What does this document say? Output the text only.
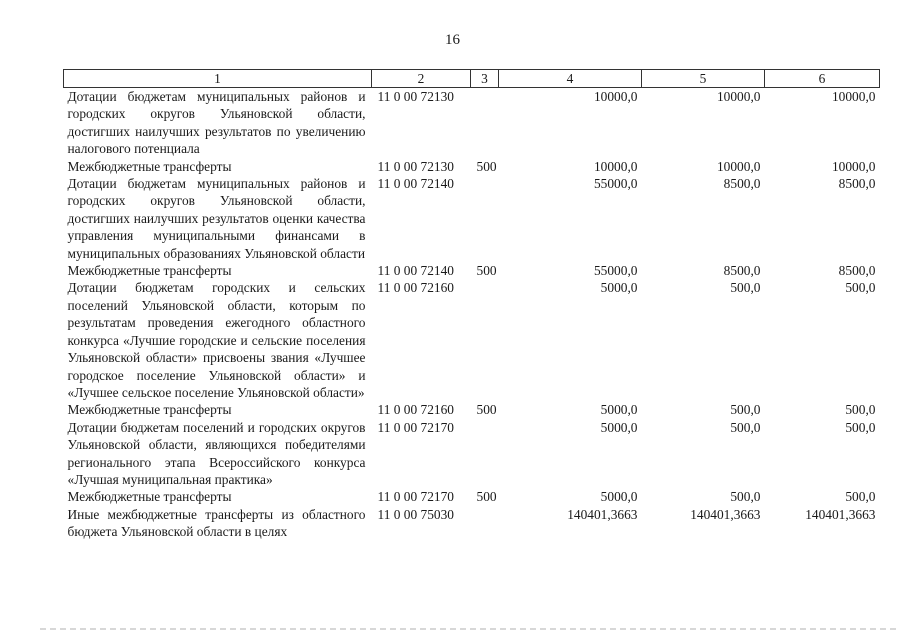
16
1	2	3	4	5	6
Дотации бюджетам муниципальных районов и городских округов Ульяновской области, достигших наилучших результатов по увеличению налогового потенциала	11 0 00 72130		10000,0	10000,0	10000,0
Межбюджетные трансферты	11 0 00 72130	500	10000,0	10000,0	10000,0
Дотации бюджетам муниципальных районов и городских округов Ульяновской области, достигших наилучших результатов оценки качества управления муниципальными финансами в муниципальных образованиях Ульяновской области	11 0 00 72140		55000,0	8500,0	8500,0
Межбюджетные трансферты	11 0 00 72140	500	55000,0	8500,0	8500,0
Дотации бюджетам городских и сельских поселений Ульяновской области, которым по результатам проведения ежегодного областного конкурса «Лучшие городские и сельские поселения Ульяновской области» присвоены звания «Лучшее городское поселение Ульяновской области» и «Лучшее сельское поселение Ульяновской области»	11 0 00 72160		5000,0	500,0	500,0
Межбюджетные трансферты	11 0 00 72160	500	5000,0	500,0	500,0
Дотации бюджетам поселений и городских округов Ульяновской области, являющихся победителями регионального этапа Всероссийского конкурса «Лучшая муниципальная практика»	11 0 00 72170		5000,0	500,0	500,0
Межбюджетные трансферты	11 0 00 72170	500	5000,0	500,0	500,0
Иные межбюджетные трансферты из областного бюджета Ульяновской области в целях	11 0 00 75030		140401,3663	140401,3663	140401,3663
